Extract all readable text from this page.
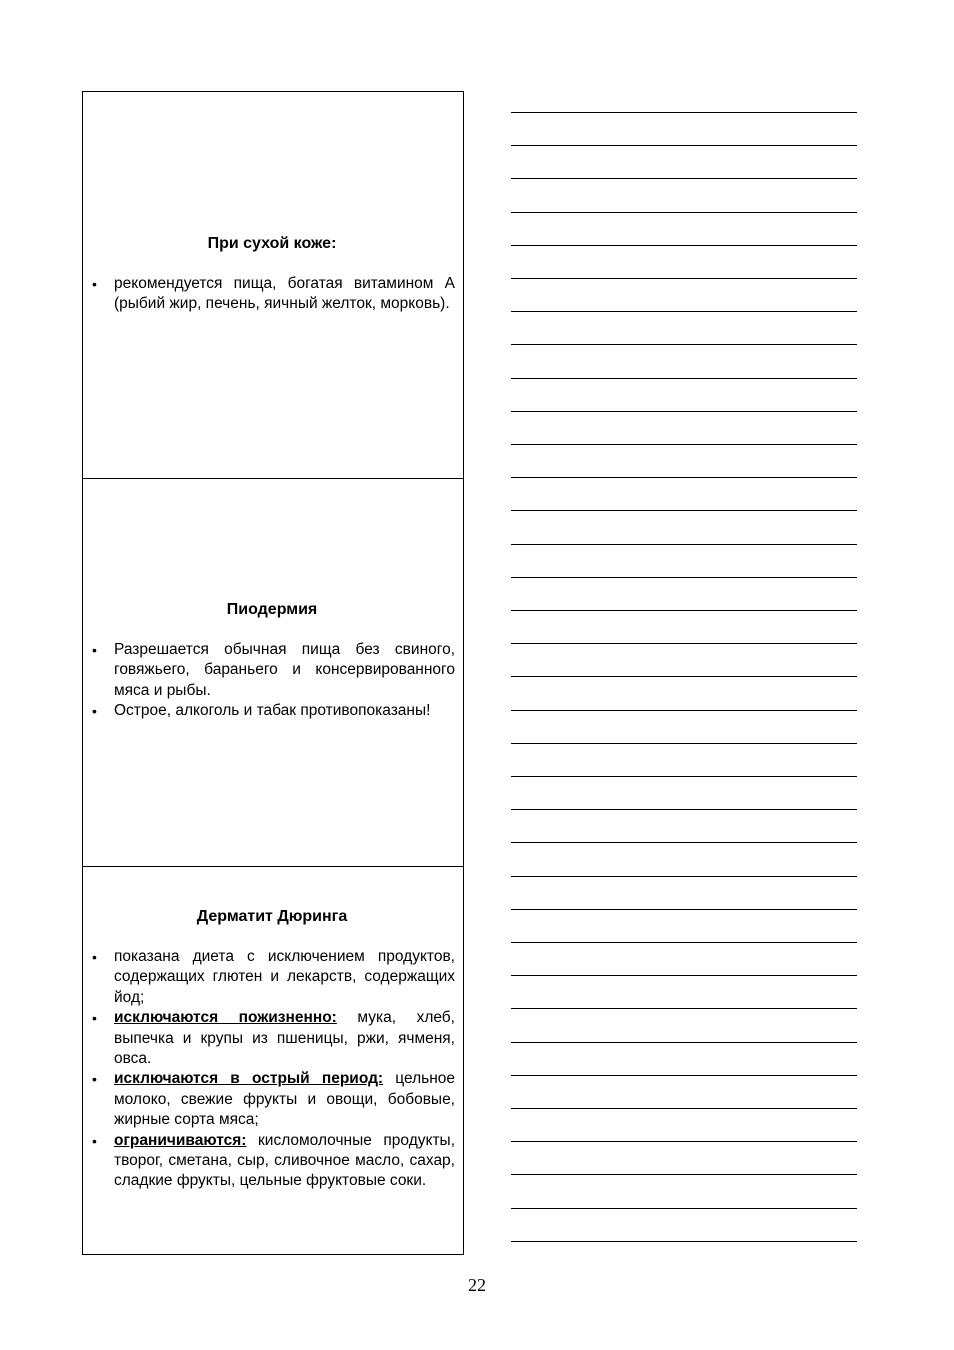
При сухой коже:
• рекомендуется пища, богатая витамином А (рыбий жир, печень, яичный желток, морковь).
Пиодермия
• Разрешается обычная пища без свиного, говяжьего, бараньего и консервированного мяса и рыбы.
• Острое, алкоголь и табак противопоказаны!
Дерматит Дюринга
• показана диета с исключением продуктов, содержащих глютен и лекарств, содержащих йод;
• исключаются пожизненно: мука, хлеб, выпечка и крупы из пшеницы, ржи, ячменя, овса.
• исключаются в острый период: цельное молоко, свежие фрукты и овощи, бобовые, жирные сорта мяса;
• ограничиваются: кисломолочные продукты, творог, сметана, сыр, сливочное масло, сахар, сладкие фрукты, цельные фруктовые соки.
22
